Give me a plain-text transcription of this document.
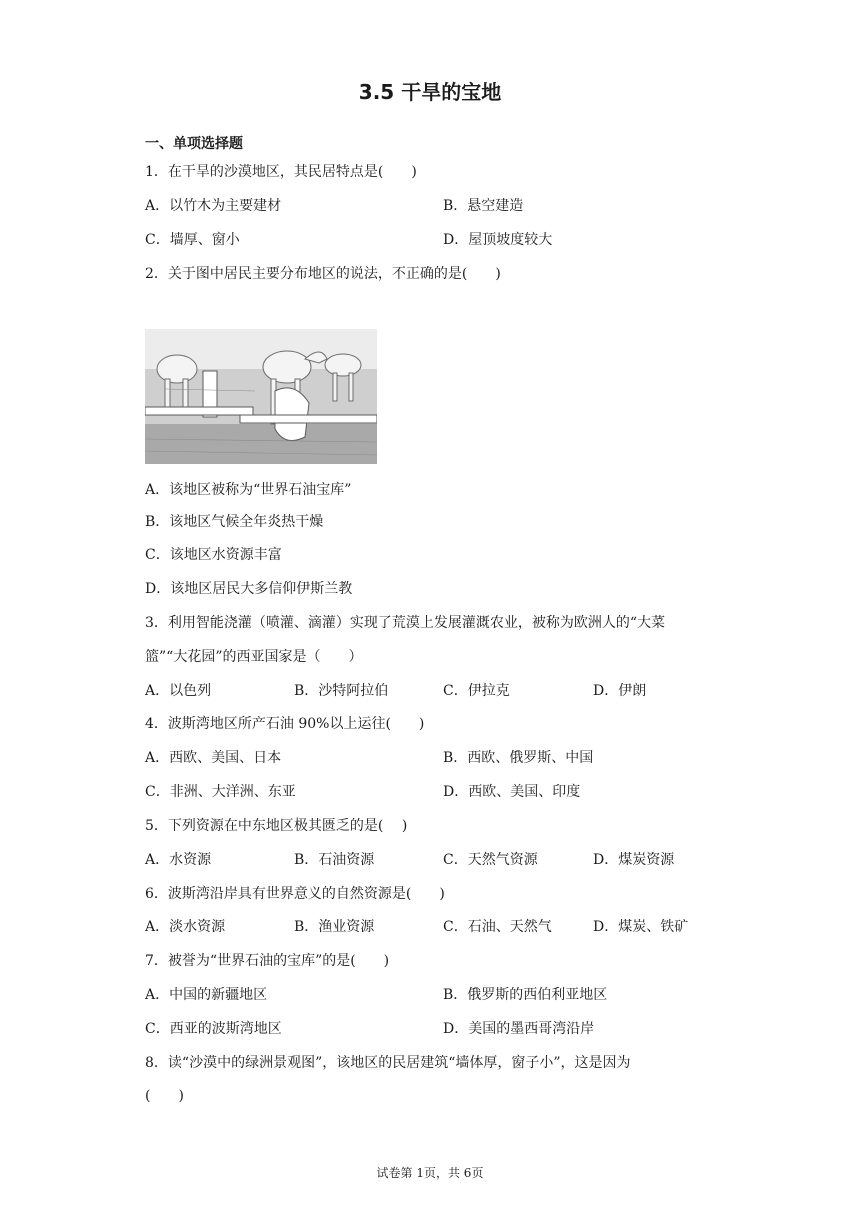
3.5 干旱的宝地
一、单项选择题
1．在干旱的沙漠地区，其民居特点是(　　)
A．以竹木为主要建材	B．悬空建造
C．墙厚、窗小	D．屋顶坡度较大
2．关于图中居民主要分布地区的说法，不正确的是(　　)
A．该地区被称为“世界石油宝库”
B．该地区气候全年炎热干燥
C．该地区水资源丰富
D．该地区居民大多信仰伊斯兰教
3．利用智能浇灌（喷灌、滴灌）实现了荒漠上发展灌溉农业，被称为欧洲人的“大菜
篮”“大花园”的西亚国家是（　　）
A．以色列	B．沙特阿拉伯	C．伊拉克	D．伊朗
4．波斯湾地区所产石油 90%以上运往(　　)
A．西欧、美国、日本	B．西欧、俄罗斯、中国
C．非洲、大洋洲、东亚	D．西欧、美国、印度
5．下列资源在中东地区极其匮乏的是(　 )
A．水资源	B．石油资源	C．天然气资源	D．煤炭资源
6．波斯湾沿岸具有世界意义的自然资源是(　　)
A．淡水资源	B．渔业资源	C．石油、天然气	D．煤炭、铁矿
7．被誉为“世界石油的宝库”的是(　　)
A．中国的新疆地区	B．俄罗斯的西伯利亚地区
C．西亚的波斯湾地区	D．美国的墨西哥湾沿岸
8．读“沙漠中的绿洲景观图”，该地区的民居建筑“墙体厚，窗子小”，这是因为
(　　)
试卷第 1页，共 6页
